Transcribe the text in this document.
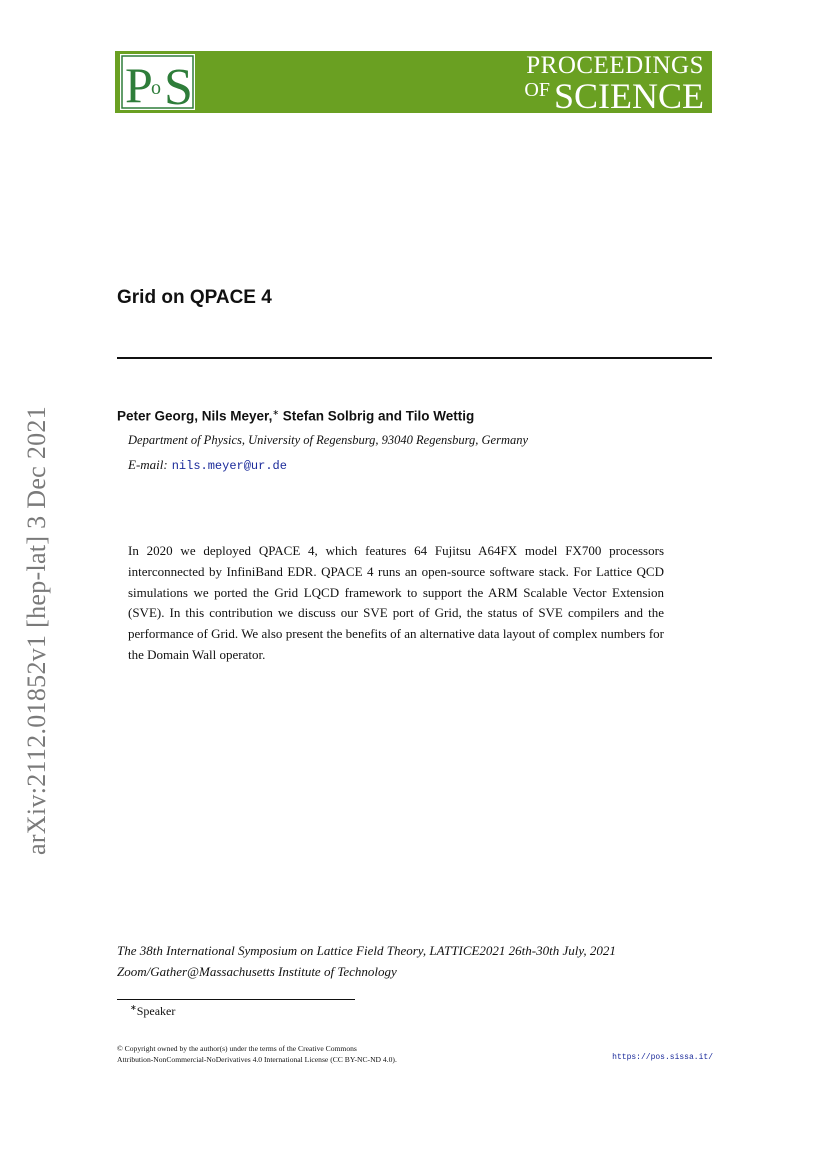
P
o S	PROCEEDINGS
$^{OF}$ SCIENCE
Grid on QPACE 4
Peter Georg, Nils Meyer,∗ Stefan Solbrig and Tilo Wettig
Department of Physics, University of Regensburg, 93040 Regensburg, Germany
E-mail: nils.meyer@ur.de
In 2020 we deployed QPACE 4, which features 64 Fujitsu A64FX model FX700 processors interconnected by InfiniBand EDR. QPACE 4 runs an open-source software stack. For Lattice QCD simulations we ported the Grid LQCD framework to support the ARM Scalable Vector Extension (SVE). In this contribution we discuss our SVE port of Grid, the status of SVE compilers and the performance of Grid. We also present the benefits of an alternative data layout of complex numbers for the Domain Wall operator.
arXiv:2112.01852v1 [hep-lat] 3 Dec 2021
The 38th International Symposium on Lattice Field Theory, LATTICE2021 26th-30th July, 2021
Zoom/Gather@Massachusetts Institute of Technology
∗Speaker
© Copyright owned by the author(s) under the terms of the Creative Commons
Attribution-NonCommercial-NoDerivatives 4.0 International License (CC BY-NC-ND 4.0).	https://pos.sissa.it/
